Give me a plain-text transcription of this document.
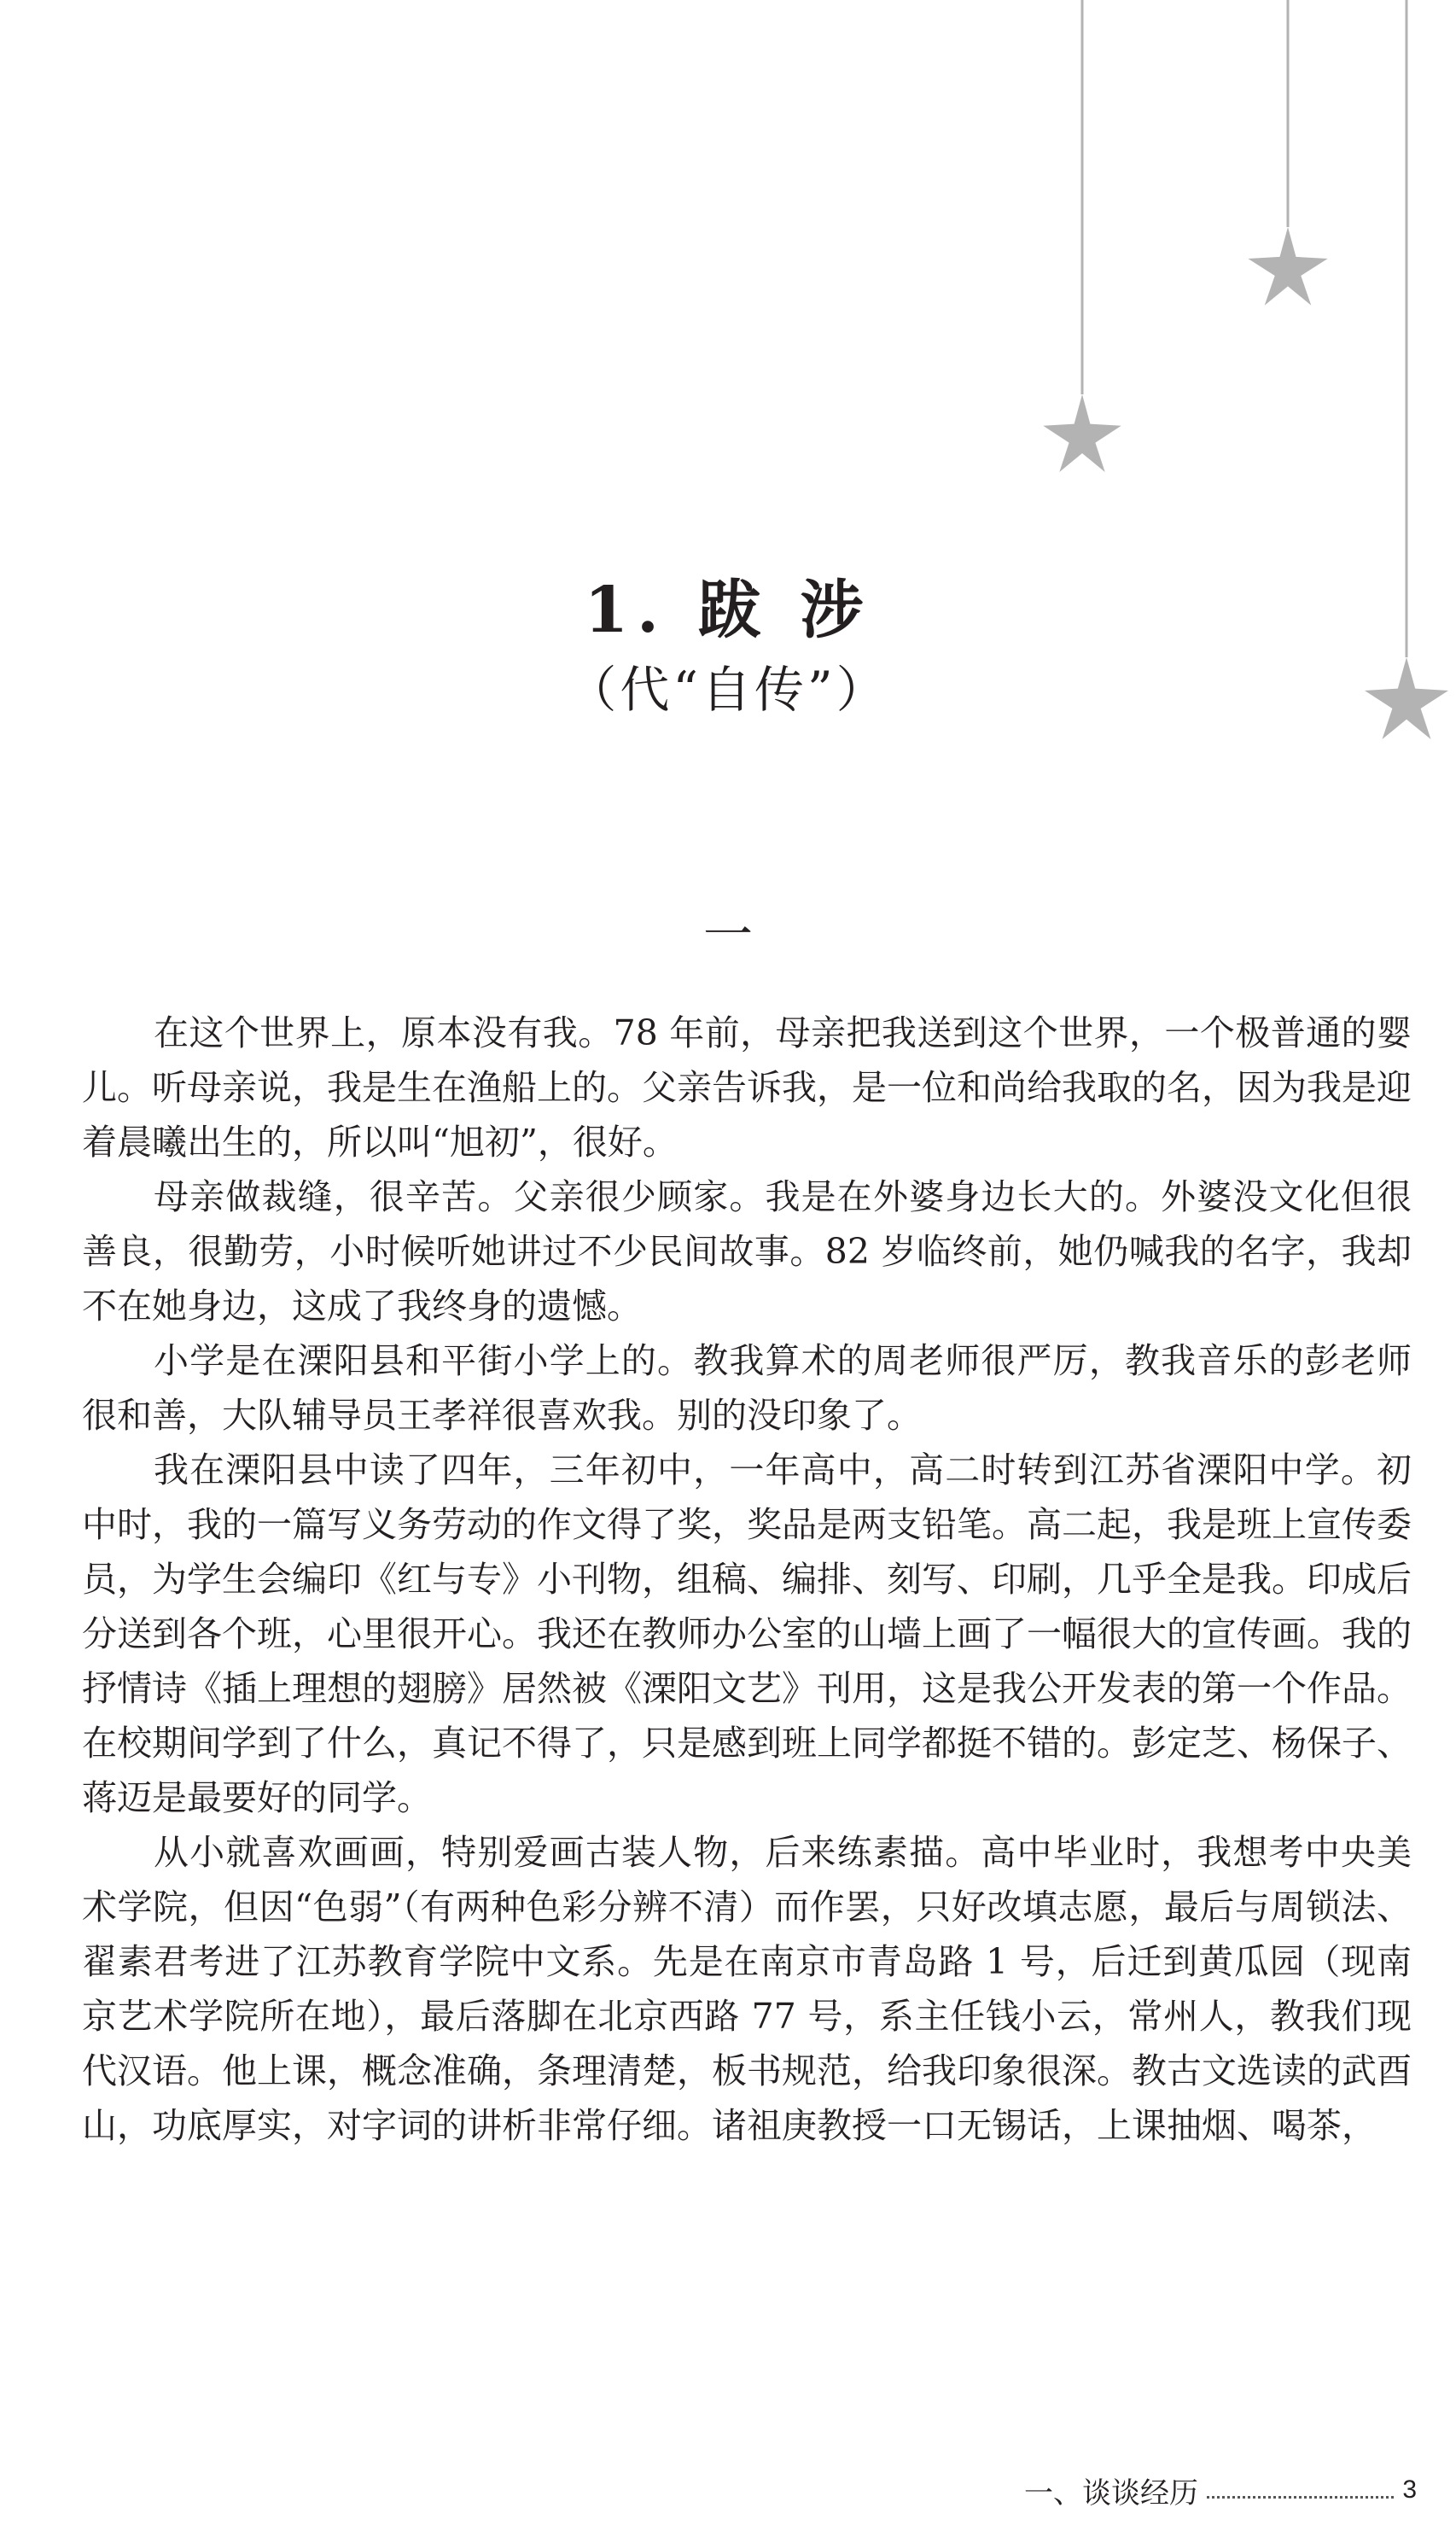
1. 跋 涉
（代“自传”）
一

在这个世界上，原本没有我。78 年前，母亲把我送到这个世界，一个极普通的婴儿。听母亲说，我是生在渔船上的。父亲告诉我，是一位和尚给我取的名，因为我是迎着晨曦出生的，所以叫“旭初”，很好。

母亲做裁缝，很辛苦。父亲很少顾家。我是在外婆身边长大的。外婆没文化但很善良，很勤劳，小时候听她讲过不少民间故事。82 岁临终前，她仍喊我的名字，我却不在她身边，这成了我终身的遗憾。

小学是在溧阳县和平街小学上的。教我算术的周老师很严厉，教我音乐的彭老师很和善，大队辅导员王孝祥很喜欢我。别的没印象了。

我在溧阳县中读了四年，三年初中，一年高中，高二时转到江苏省溧阳中学。初中时，我的一篇写义务劳动的作文得了奖，奖品是两支铅笔。高二起，我是班上宣传委员，为学生会编印《红与专》小刊物，组稿、编排、刻写、印刷，几乎全是我。印成后分送到各个班，心里很开心。我还在教师办公室的山墙上画了一幅很大的宣传画。我的抒情诗《插上理想的翅膀》居然被《溧阳文艺》刊用，这是我公开发表的第一个作品。在校期间学到了什么，真记不得了，只是感到班上同学都挺不错的。彭定芝、杨保子、蒋迈是最要好的同学。

从小就喜欢画画，特别爱画古装人物，后来练素描。高中毕业时，我想考中央美术学院，但因“色弱”（有两种色彩分辨不清）而作罢，只好改填志愿，最后与周锁法、翟素君考进了江苏教育学院中文系。先是在南京市青岛路 1 号，后迁到黄瓜园（现南京艺术学院所在地），最后落脚在北京西路 77 号，系主任钱小云，常州人，教我们现代汉语。他上课，概念准确，条理清楚，板书规范，给我印象很深。教古文选读的武酉山，功底厚实，对字词的讲析非常仔细。诸祖庚教授一口无锡话，上课抽烟、喝茶，

一、谈谈经历	3
